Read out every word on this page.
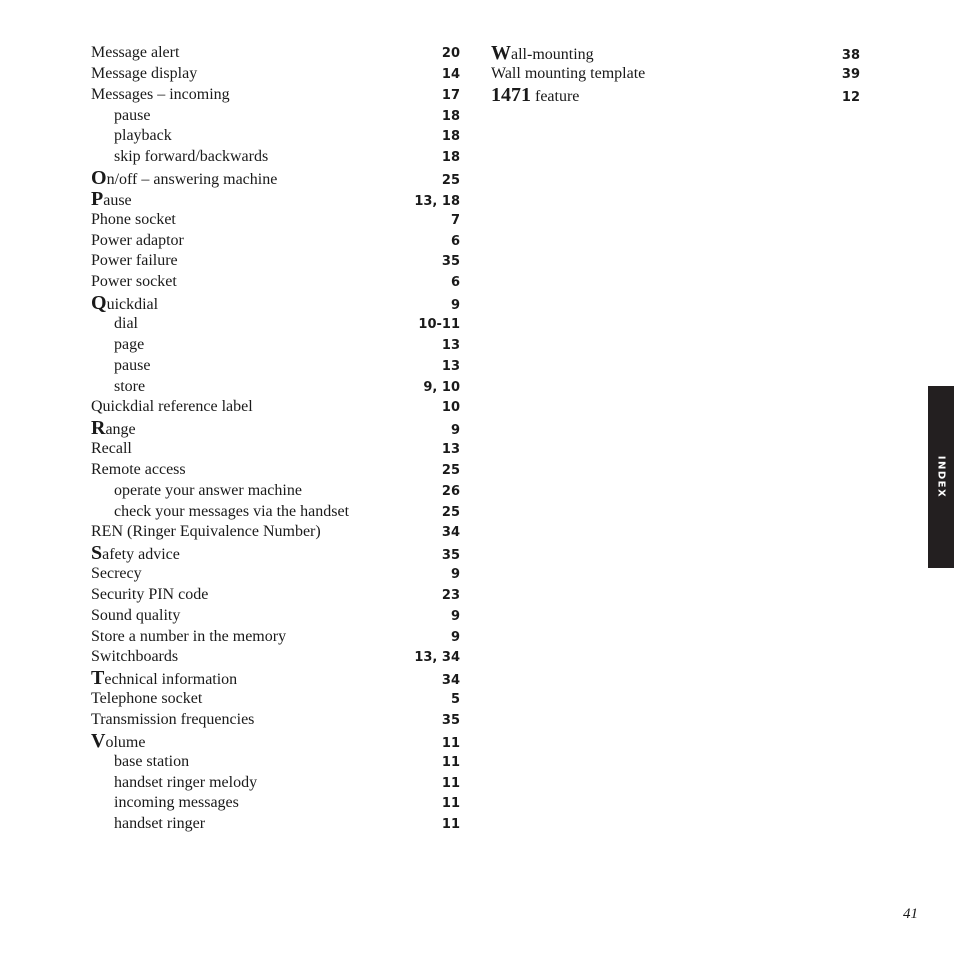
Message alert	20
Message display	14
Messages – incoming	17
pause	18
playback	18
skip forward/backwards	18
On/off – answering machine	25
Pause	13, 18
Phone socket	7
Power adaptor	6
Power failure	35
Power socket	6
Quickdial	9
dial	10-11
page	13
pause	13
store	9, 10
Quickdial reference label	10
Range	9
Recall	13
Remote access	25
operate your answer machine	26
check your messages via the handset	25
REN (Ringer Equivalence Number)	34
Safety advice	35
Secrecy	9
Security PIN code	23
Sound quality	9
Store a number in the memory	9
Switchboards	13, 34
Technical information	34
Telephone socket	5
Transmission frequencies	35
Volume	11
base station	11
handset ringer melody	11
incoming messages	11
handset ringer	11
Wall-mounting	38
Wall mounting template	39
1471 feature	12
INDEX
41
